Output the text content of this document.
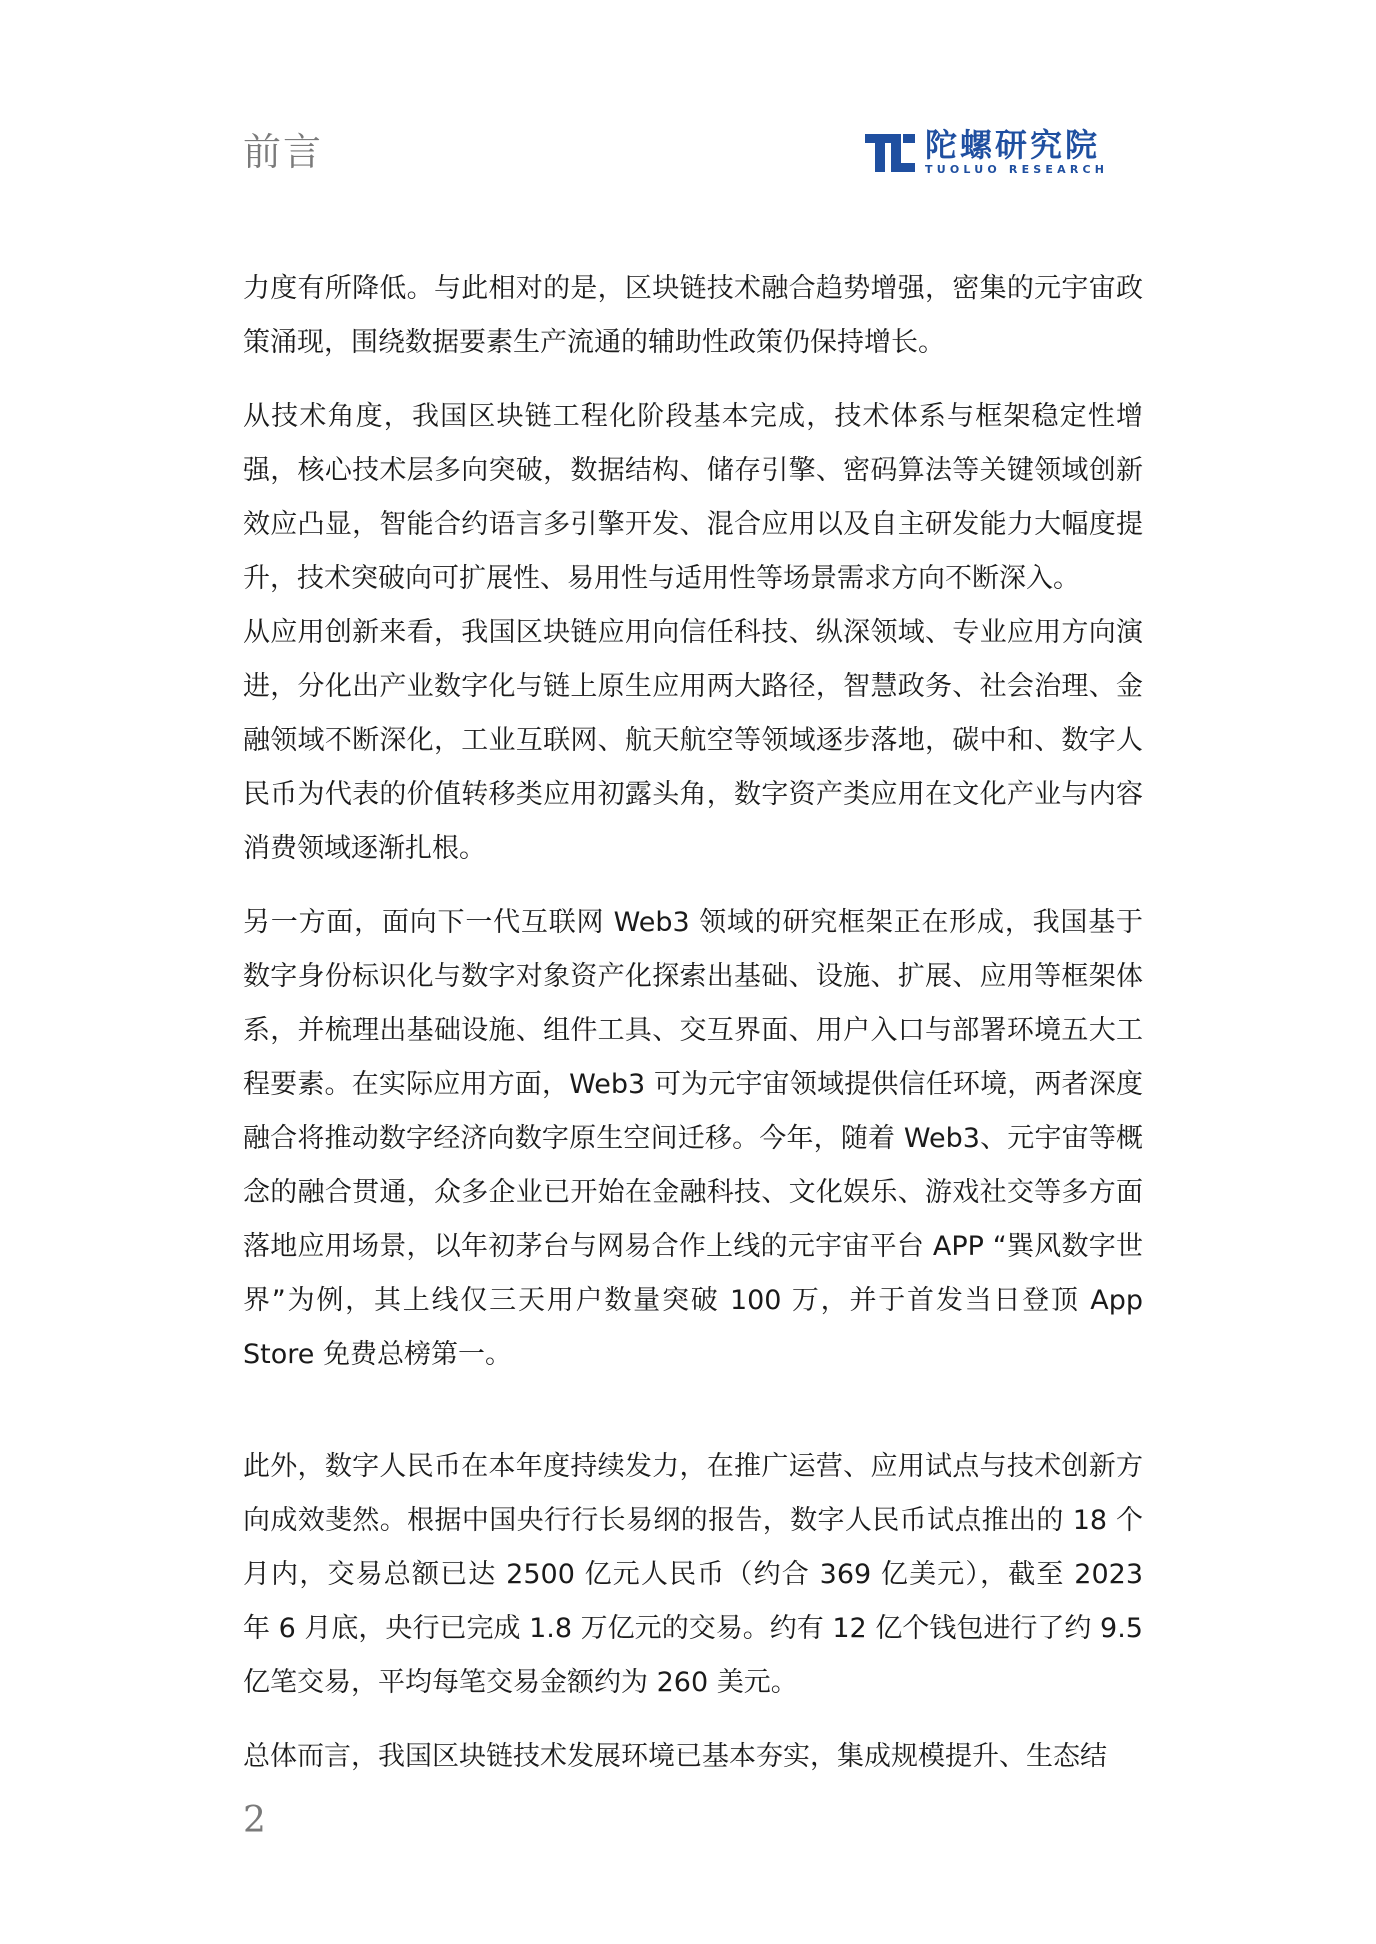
前言	陀螺研究院
TUOLUO RESEARCH

力度有所降低。与此相对的是，区块链技术融合趋势增强，密集的元宇宙政策涌现，围绕数据要素生产流通的辅助性政策仍保持增长。

从技术角度，我国区块链工程化阶段基本完成，技术体系与框架稳定性增强，核心技术层多向突破，数据结构、储存引擎、密码算法等关键领域创新效应凸显，智能合约语言多引擎开发、混合应用以及自主研发能力大幅度提升，技术突破向可扩展性、易用性与适用性等场景需求方向不断深入。

从应用创新来看，我国区块链应用向信任科技、纵深领域、专业应用方向演进，分化出产业数字化与链上原生应用两大路径，智慧政务、社会治理、金融领域不断深化，工业互联网、航天航空等领域逐步落地，碳中和、数字人民币为代表的价值转移类应用初露头角，数字资产类应用在文化产业与内容消费领域逐渐扎根。

另一方面，面向下一代互联网 Web3 领域的研究框架正在形成，我国基于数字身份标识化与数字对象资产化探索出基础、设施、扩展、应用等框架体系，并梳理出基础设施、组件工具、交互界面、用户入口与部署环境五大工程要素。在实际应用方面，Web3 可为元宇宙领域提供信任环境，两者深度融合将推动数字经济向数字原生空间迁移。今年，随着 Web3、元宇宙等概念的融合贯通，众多企业已开始在金融科技、文化娱乐、游戏社交等多方面落地应用场景，以年初茅台与网易合作上线的元宇宙平台 APP “巽风数字世界”为例，其上线仅三天用户数量突破 100 万，并于首发当日登顶 App Store 免费总榜第一。

此外，数字人民币在本年度持续发力，在推广运营、应用试点与技术创新方向成效斐然。根据中国央行行长易纲的报告，数字人民币试点推出的 18 个月内，交易总额已达 2500 亿元人民币（约合 369 亿美元），截至 2023 年 6 月底，央行已完成 1.8 万亿元的交易。约有 12 亿个钱包进行了约 9.5 亿笔交易，平均每笔交易金额约为 260 美元。

总体而言，我国区块链技术发展环境已基本夯实，集成规模提升、生态结

2
